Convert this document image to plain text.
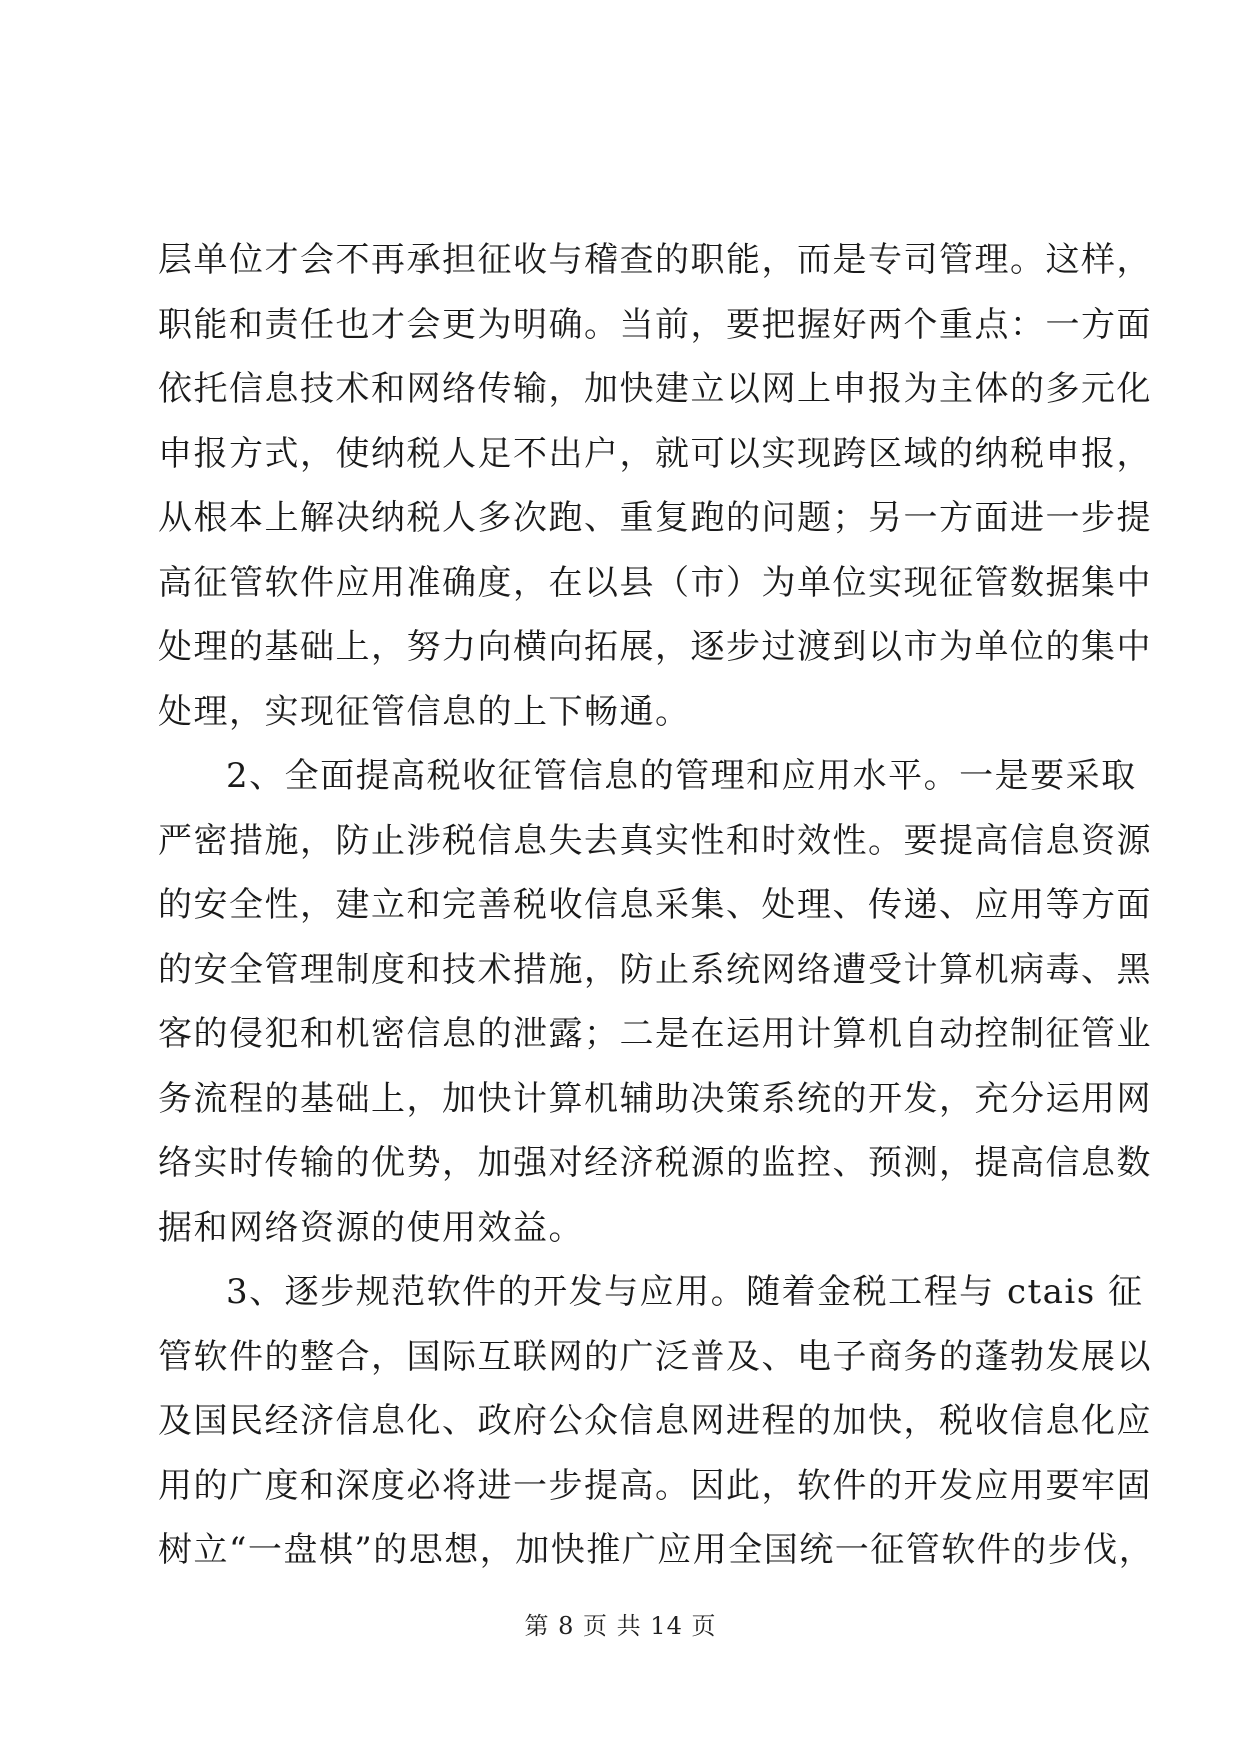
层单位才会不再承担征收与稽查的职能，而是专司管理。这样，
职能和责任也才会更为明确。当前，要把握好两个重点：一方面
依托信息技术和网络传输，加快建立以网上申报为主体的多元化
申报方式，使纳税人足不出户，就可以实现跨区域的纳税申报，
从根本上解决纳税人多次跑、重复跑的问题；另一方面进一步提
高征管软件应用准确度，在以县（市）为单位实现征管数据集中
处理的基础上，努力向横向拓展，逐步过渡到以市为单位的集中
处理，实现征管信息的上下畅通。
2、全面提高税收征管信息的管理和应用水平。一是要采取
严密措施，防止涉税信息失去真实性和时效性。要提高信息资源
的安全性，建立和完善税收信息采集、处理、传递、应用等方面
的安全管理制度和技术措施，防止系统网络遭受计算机病毒、黑
客的侵犯和机密信息的泄露；二是在运用计算机自动控制征管业
务流程的基础上，加快计算机辅助决策系统的开发，充分运用网
络实时传输的优势，加强对经济税源的监控、预测，提高信息数
据和网络资源的使用效益。
3、逐步规范软件的开发与应用。随着金税工程与 ctais 征
管软件的整合，国际互联网的广泛普及、电子商务的蓬勃发展以
及国民经济信息化、政府公众信息网进程的加快，税收信息化应
用的广度和深度必将进一步提高。因此，软件的开发应用要牢固
树立“一盘棋”的思想，加快推广应用全国统一征管软件的步伐，
第 8 页 共 14 页
